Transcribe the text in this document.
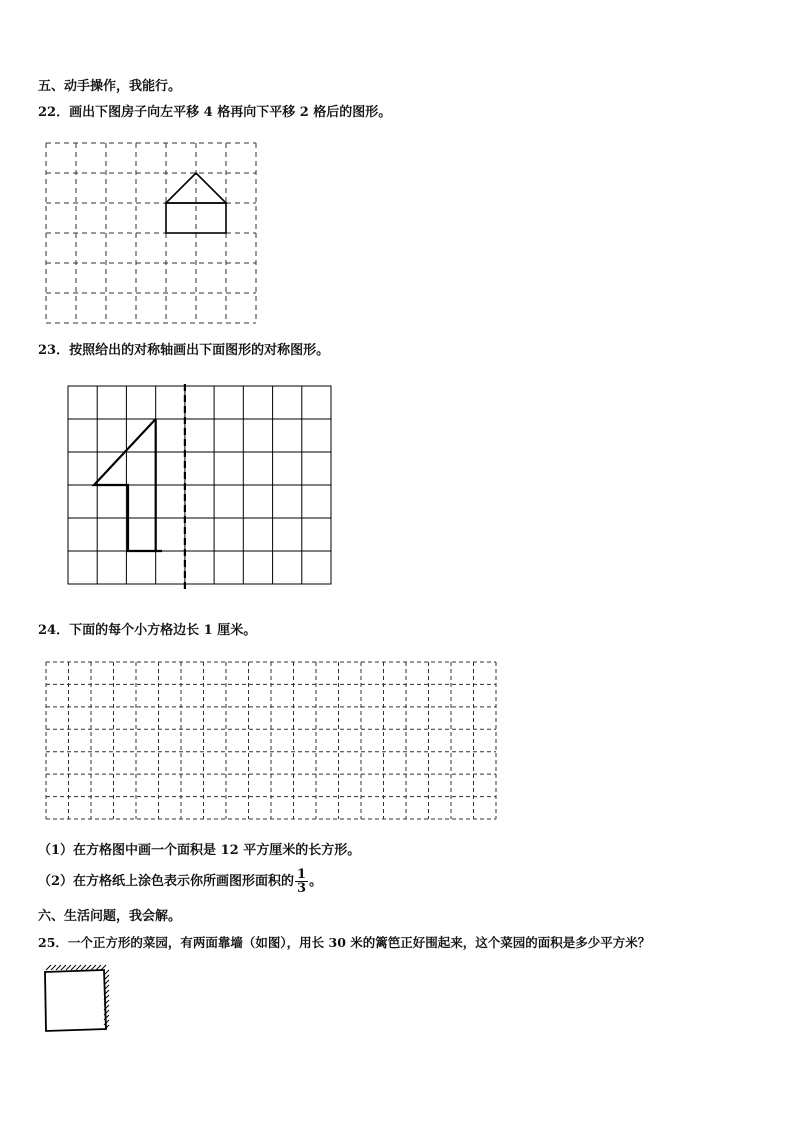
五、动手操作，我能行。
22．画出下图房子向左平移 4 格再向下平移 2 格后的图形。
23．按照给出的对称轴画出下面图形的对称图形。
24．下面的每个小方格边长 1 厘米。
（1）在方格图中画一个面积是 12 平方厘米的长方形。
（2）在方格纸上涂色表示你所画图形面积的 $\frac{1}{3}$ 。
六、生活问题，我会解。
25．一个正方形的菜园，有两面靠墙（如图），用长 30 米的篱笆正好围起来，这个菜园的面积是多少平方米？
